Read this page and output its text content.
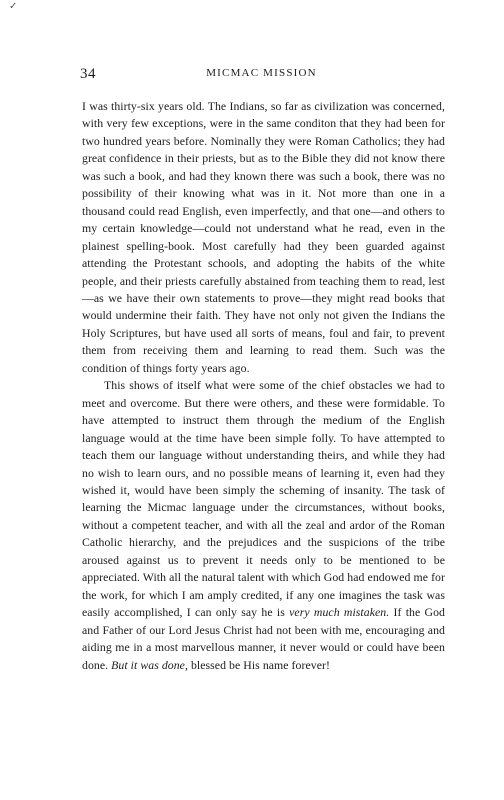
✓
34	MICMAC MISSION

I was thirty-six years old. The Indians, so far as civilization was concerned, with very few exceptions, were in the same conditon that they had been for two hundred years before. Nominally they were Roman Catholics; they had great confidence in their priests, but as to the Bible they did not know there was such a book, and had they known there was such a book, there was no possibility of their knowing what was in it. Not more than one in a thousand could read English, even imperfectly, and that one—and others to my certain knowledge—could not understand what he read, even in the plainest spelling-book. Most carefully had they been guarded against attending the Protestant schools, and adopting the habits of the white people, and their priests carefully abstained from teaching them to read, lest—as we have their own statements to prove—they might read books that would undermine their faith. They have not only not given the Indians the Holy Scriptures, but have used all sorts of means, foul and fair, to prevent them from receiving them and learning to read them. Such was the condition of things forty years ago.

This shows of itself what were some of the chief obstacles we had to meet and overcome. But there were others, and these were formidable. To have attempted to instruct them through the medium of the English language would at the time have been simple folly. To have attempted to teach them our language without understanding theirs, and while they had no wish to learn ours, and no possible means of learning it, even had they wished it, would have been simply the scheming of insanity. The task of learning the Micmac language under the circumstances, without books, without a competent teacher, and with all the zeal and ardor of the Roman Catholic hierarchy, and the prejudices and the suspicions of the tribe aroused against us to prevent it needs only to be mentioned to be appreciated. With all the natural talent with which God had endowed me for the work, for which I am amply credited, if any one imagines the task was easily accomplished, I can only say he is very much mistaken. If the God and Father of our Lord Jesus Christ had not been with me, encouraging and aiding me in a most marvellous manner, it never would or could have been done. But it was done, blessed be His name forever!
